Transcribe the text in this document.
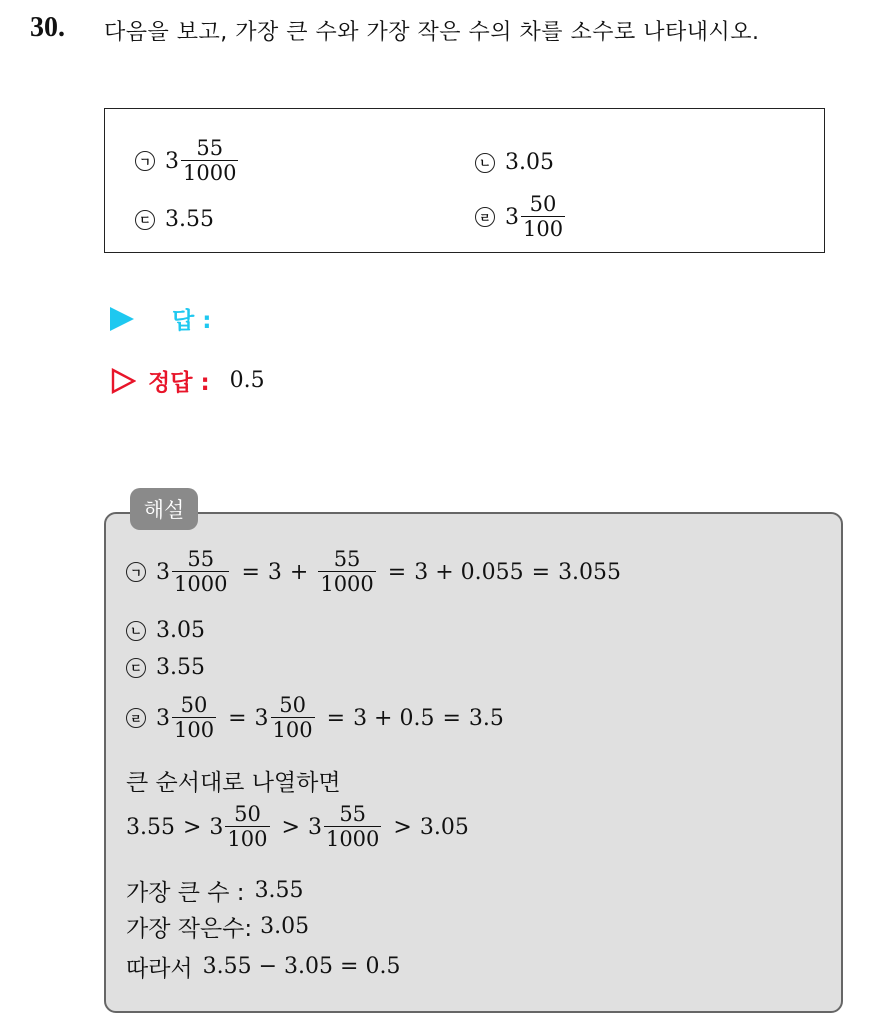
30. 다음을 보고, 가장 큰 수와 가장 작은 수의 차를 소수로 나타내시오.
ㄱ $3 \frac{55}{1000}$	ㄴ 3.05
ㄷ 3.55	ㄹ $3 \frac{50}{100}$
답 :
정답 : 0.5
해설
ㄱ $3 \frac{55}{1000} = 3 + \frac{55}{1000} = 3 + 0.055 = 3.055$
ㄴ 3.05
ㄷ 3.55
ㄹ $3 \frac{50}{100} = 3 \frac{50}{100} = 3 + 0.5 = 3.5$
큰 순서대로 나열하면
$3.55 > 3 \frac{50}{100} > 3 \frac{55}{1000} > 3.05$
가장 큰 수 : 3.55
가장 작은수: 3.05
따라서 3.55 − 3.05 = 0.5
